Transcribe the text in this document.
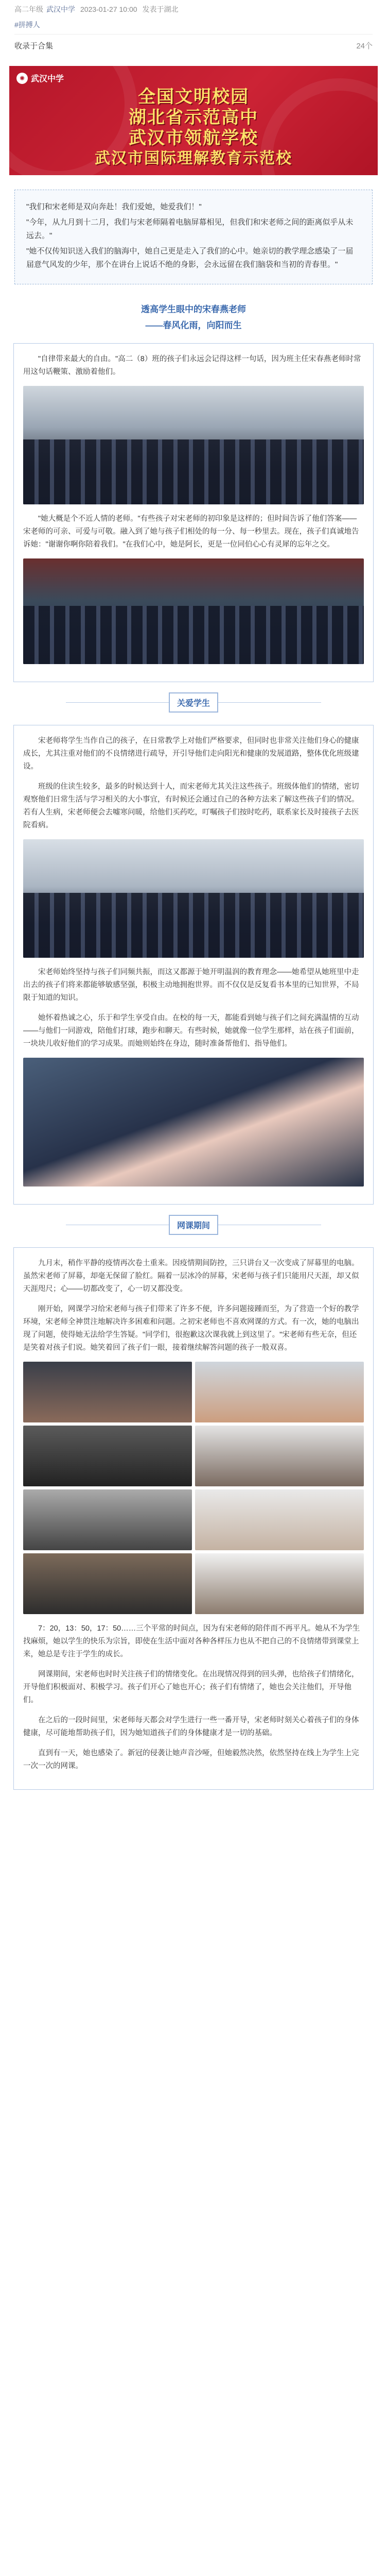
高二年级 武汉中学 2023-01-27 10:00 发表于湖北
#拼搏人
收录于合集	24个
✺ 武汉中学
全国文明校园
湖北省示范高中
武汉市领航学校
武汉市国际理解教育示范校

"我们和宋老师是双向奔赴！我们爱她，她爱我们！"

"今年，从九月到十二月，我们与宋老师隔着电脑屏幕相见，但我们和宋老师之间的距离似乎从未远去。"

"她不仅传知识送入我们的脑海中，她自己更是走入了我们的心中。她亲切的教学理念感染了一届届意气风发的少年，那个在讲台上说话不绝的身影，会永远留在我们脑袋和当初的青春里。"

透高学生眼中的宋春燕老师
——春风化雨，向阳而生

"自律带来最大的自由。"高二（8）班的孩子们永远会记得这样一句话，因为班主任宋春燕老师时常用这句话鞭策、激励着他们。

"她大概是个不近人情的老师。"有些孩子对宋老师的初印象是这样的；但时间告诉了他们答案——宋老师的可亲、可爱与可敬。融入到了她与孩子们相处的每一分、每一秒里去。现在，孩子们真诚地告诉她："谢谢你啊你陪着我们。"在我们心中，她是阿长，更是一位同伯心心有灵犀的忘年之交。

关爱学生

宋老师将学生当作自己的孩子，在日常教学上对他们严格要求，但同时也非常关注他们身心的健康成长，尤其注重对他们的不良情绪进行疏导，开引导他们走向阳光和健康的发展道路，整体优化班级建设。

班级的住读生较多，最多的时候达到十人，而宋老师尤其关注这些孩子。班级体他们的情绪，密切观察他们日常生活与学习相关的大小事宜，有时候还会通过自己的各种方法来了解这些孩子们的情况。若有人生病，宋老师便会去嘘寒问暖，给他们买药吃，叮嘱孩子们按时吃药，联系家长及时接孩子去医院看病。

宋老师始终坚持与孩子们同频共振，而这又都源于她开明温润的教育理念——她希望从她班里中走出去的孩子们将来都能够敏感坚强，积极主动地拥抱世界。而不仅仅是反复看书本里的已知世界，不局限于知道的知识。

她怀着热诚之心，乐于和学生享受自由。在校的每一天，都能看到她与孩子们之间充满温情的互动——与他们一同游戏，陪他们打球，跑步和聊天。有些时候，她就像一位学生那样，站在孩子们面前，一块块儿收好他们的学习成果。而她则始终在身边，随时准备帮他们、指导他们。

网课期间

九月末，稍作平静的疫情再次卷土重来。因疫情期间防控，三只讲台又一次变成了屏幕里的电脑。虽然宋老师了屏幕，却毫无保留了脸红。隔着一层冰冷的屏幕，宋老师与孩子们只能用尺天涯，却又似天涯咫尺；心——切都改变了，心一切又都没变。

刚开始，网课学习给宋老师与孩子们带来了许多不便，许多问题接踵而至，为了营造一个好的教学环境，宋老师全神贯注地解决许多困难和问题。之初宋老师也不喜欢网课的方式。有一次，她的电脑出现了问题，使得她无法给学生答疑。"同学们，很抱歉这次课我就上到这里了。"宋老师有些无奈，但还是笑着对孩子们说。她笑着回了孩子们一眼，接着继续解答问题的孩子一般双喜。

7：20，13：50，17：50……三个平常的时间点，因为有宋老师的陪伴而不再平凡。她从不为学生找麻烦，她以学生的快乐为宗旨，即使在生活中面对各种各样压力也从不把自己的不良情绪带到课堂上来，她总是专注于学生的成长。

网课期间，宋老师也时时关注孩子们的情绪变化。在出现情况得到的回头弹，也给孩子们情绪化，开导他们积极面对、积极学习。孩子们开心了她也开心；孩子们有情绪了，她也会关注他们，开导他们。

在之后的一段时间里，宋老师每天都会对学生进行一些一番开导，宋老师时刻关心着孩子们的身体健康，尽可能地帮助孩子们，因为她知道孩子们的身体健康才是一切的基础。

直到有一天，她也感染了。新冠的侵袭让她声音沙哑，但她毅然决然，依然坚持在线上为学生上完一次一次的网课。
